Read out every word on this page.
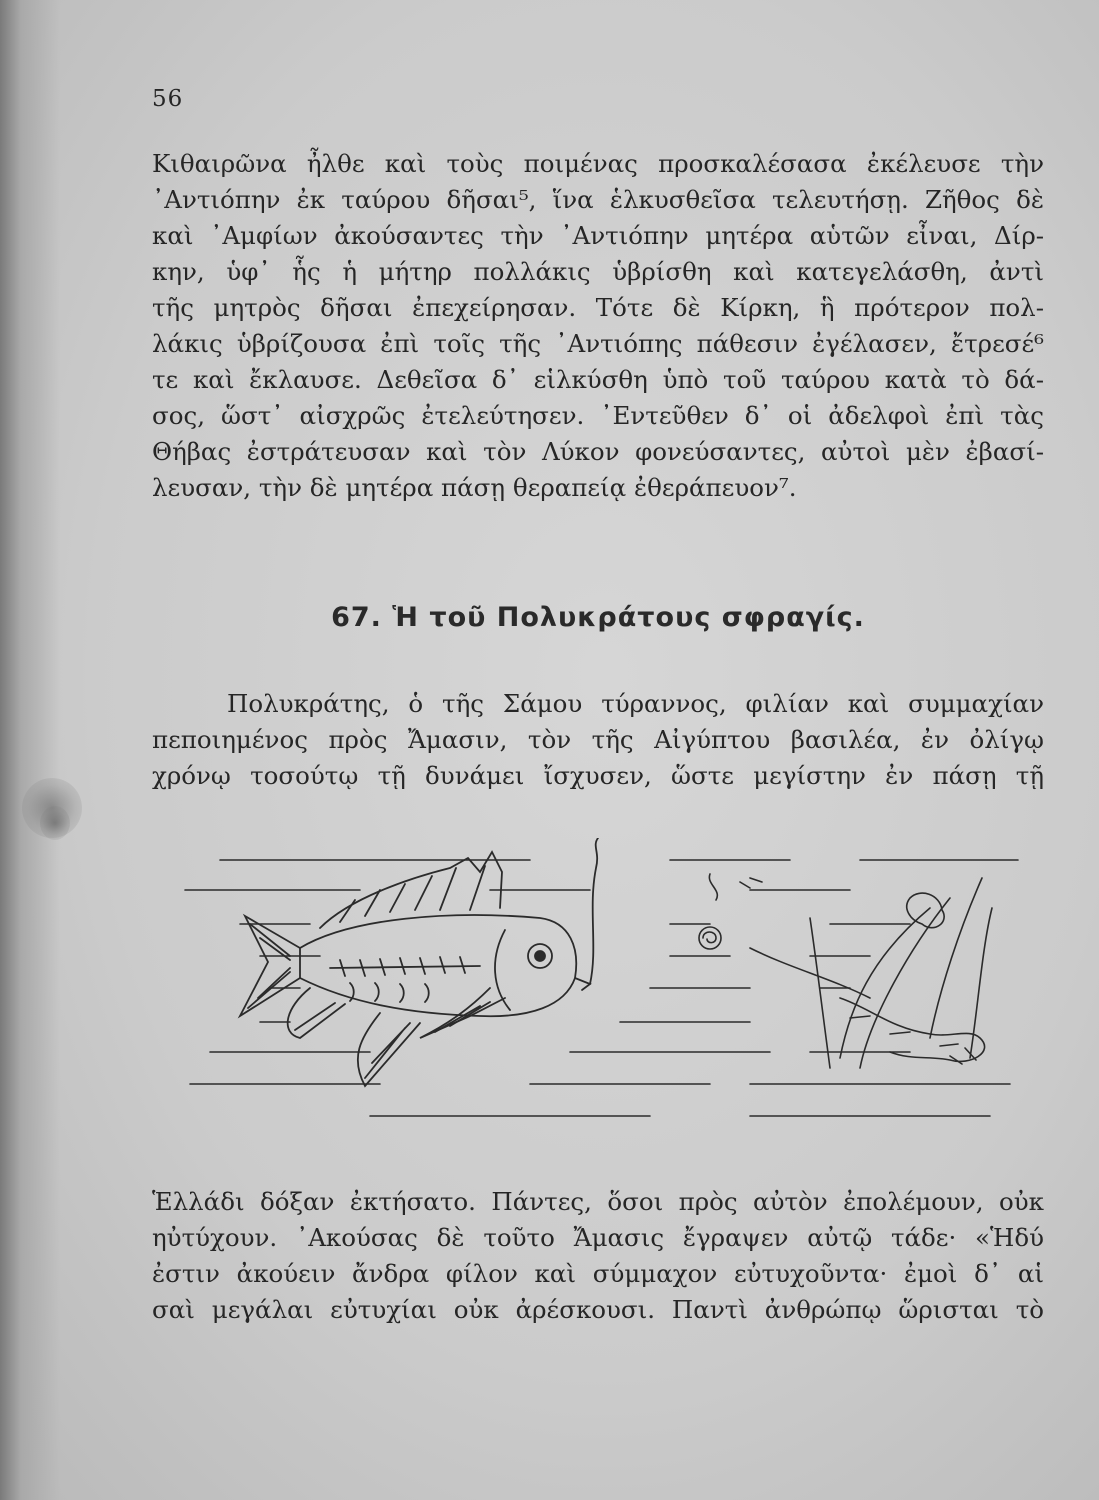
56
Κιθαιρῶνα ἦλθε καὶ τοὺς ποιμένας προσκαλέσασα ἐκέλευσε τὴν
᾿Αντιόπην ἐκ ταύρου δῆσαι⁵, ἵνα ἑλκυσθεῖσα τελευτήσῃ. Ζῆθος δὲ
καὶ ᾿Αμφίων ἀκούσαντες τὴν ᾿Αντιόπην μητέρα αὑτῶν εἶναι, Δίρ-
κην, ὑφ᾿ ἧς ἡ μήτηρ πολλάκις ὑβρίσθη καὶ κατεγελάσθη, ἀντὶ
τῆς μητρὸς δῆσαι ἐπεχείρησαν. Τότε δὲ Κίρκη, ἣ πρότερον πολ-
λάκις ὑβρίζουσα ἐπὶ τοῖς τῆς ᾿Αντιόπης πάθεσιν ἐγέλασεν, ἔτρεσέ⁶
τε καὶ ἔκλαυσε. Δεθεῖσα δ᾿ εἱλκύσθη ὑπὸ τοῦ ταύρου κατὰ τὸ δά-
σος, ὥστ᾿ αἰσχρῶς ἐτελεύτησεν. ᾿Εντεῦθεν δ᾿ οἱ ἀδελφοὶ ἐπὶ τὰς
Θήβας ἐστράτευσαν καὶ τὸν Λύκον φονεύσαντες, αὐτοὶ μὲν ἐβασί-
λευσαν, τὴν δὲ μητέρα πάσῃ θεραπείᾳ ἐθεράπευον⁷.
67. Ἡ τοῦ Πολυκράτους σφραγίς.
Πολυκράτης, ὁ τῆς Σάμου τύραννος, φιλίαν καὶ συμμαχίαν
πεποιημένος πρὸς Ἄμασιν, τὸν τῆς Αἰγύπτου βασιλέα, ἐν ὀλίγῳ
χρόνῳ τοσούτῳ τῇ δυνάμει ἴσχυσεν, ὥστε μεγίστην ἐν πάσῃ τῇ
Ἑλλάδι δόξαν ἐκτήσατο. Πάντες, ὅσοι πρὸς αὐτὸν ἐπολέμουν, οὐκ
ηὐτύχουν. ᾿Ακούσας δὲ τοῦτο Ἄμασις ἔγραψεν αὐτῷ τάδε· «Ἡδύ
ἐστιν ἀκούειν ἄνδρα φίλον καὶ σύμμαχον εὐτυχοῦντα· ἐμοὶ δ᾿ αἱ
σαὶ μεγάλαι εὐτυχίαι οὐκ ἀρέσκουσι. Παντὶ ἀνθρώπῳ ὥρισται τὸ
